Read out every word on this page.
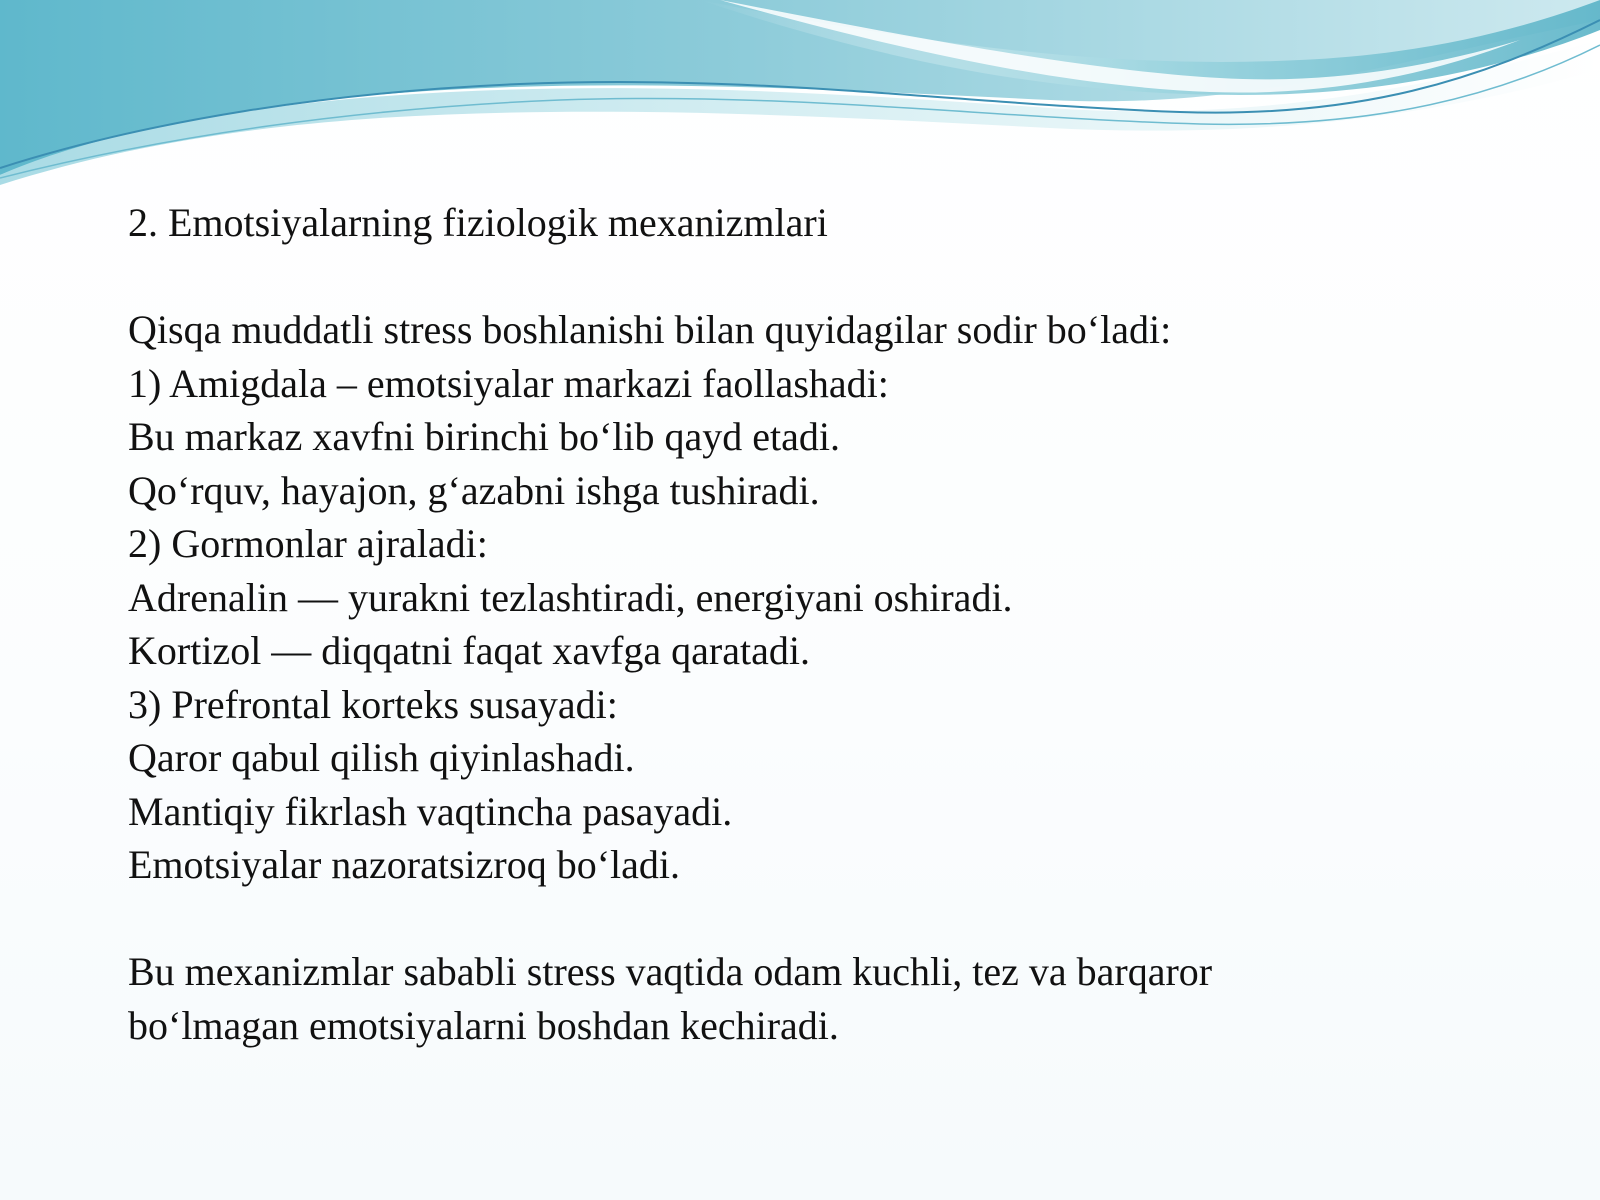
2. Emotsiyalarning fiziologik mexanizmlari
Qisqa muddatli stress boshlanishi bilan quyidagilar sodir bo‘ladi:
1) Amigdala – emotsiyalar markazi faollashadi:
Bu markaz xavfni birinchi bo‘lib qayd etadi.
Qo‘rquv, hayajon, g‘azabni ishga tushiradi.
2) Gormonlar ajraladi:
Adrenalin — yurakni tezlashtiradi, energiyani oshiradi.
Kortizol — diqqatni faqat xavfga qaratadi.
3) Prefrontal korteks susayadi:
Qaror qabul qilish qiyinlashadi.
Mantiqiy fikrlash vaqtincha pasayadi.
Emotsiyalar nazoratsizroq bo‘ladi.
Bu mexanizmlar sababli stress vaqtida odam kuchli, tez va barqaror
bo‘lmagan emotsiyalarni boshdan kechiradi.
